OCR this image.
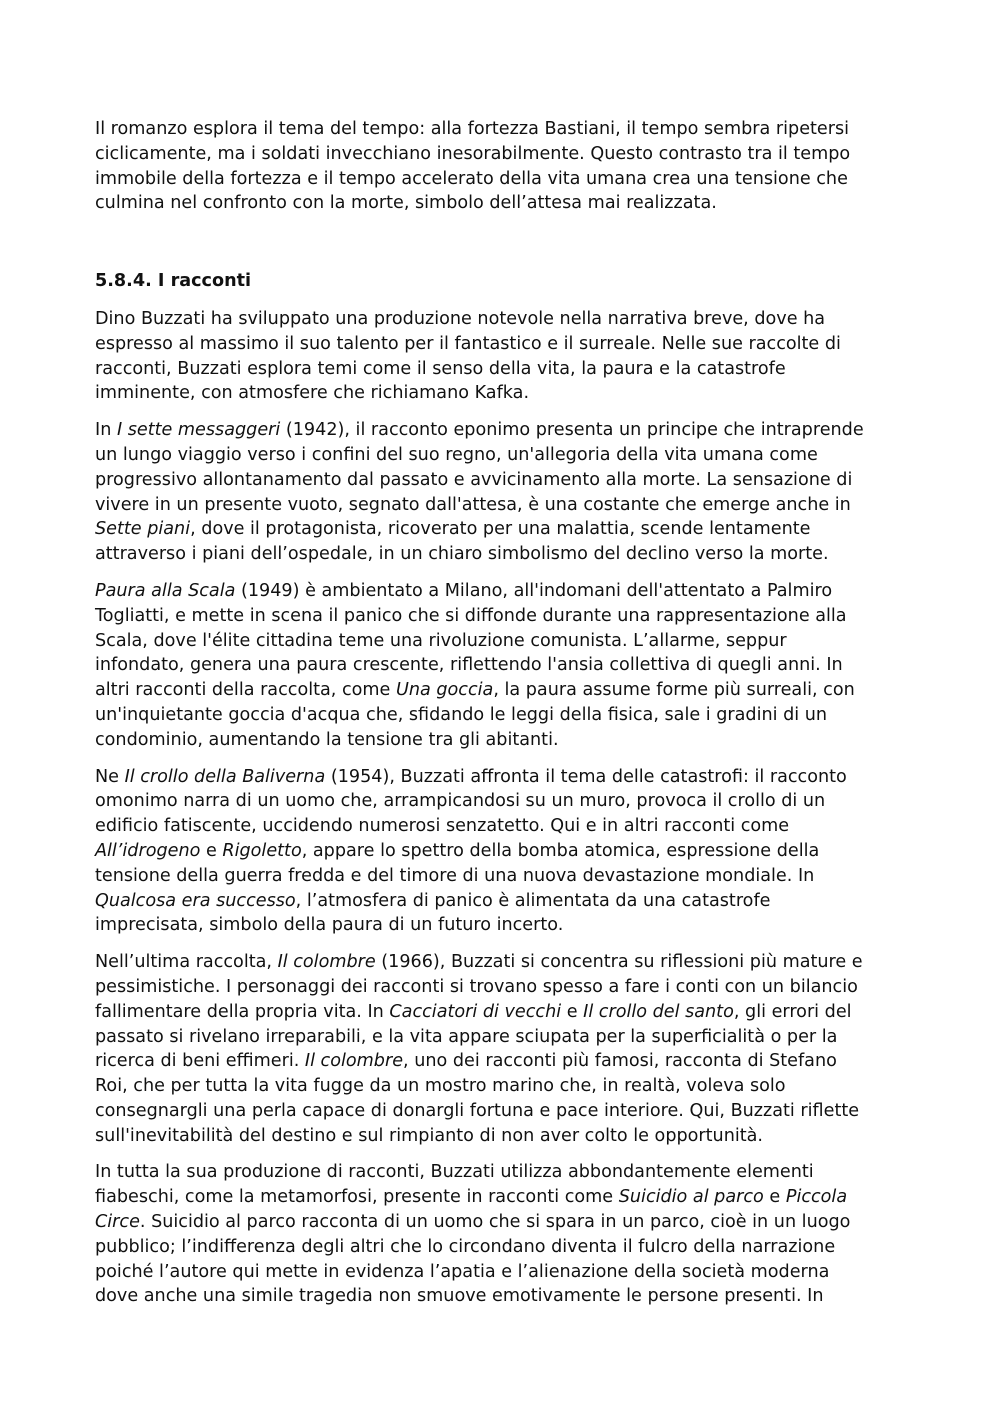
Il romanzo esplora il tema del tempo: alla fortezza Bastiani, il tempo sembra ripetersi
ciclicamente, ma i soldati invecchiano inesorabilmente. Questo contrasto tra il tempo
immobile della fortezza e il tempo accelerato della vita umana crea una tensione che
culmina nel confronto con la morte, simbolo dell’attesa mai realizzata.
5.8.4. I racconti
Dino Buzzati ha sviluppato una produzione notevole nella narrativa breve, dove ha
espresso al massimo il suo talento per il fantastico e il surreale. Nelle sue raccolte di
racconti, Buzzati esplora temi come il senso della vita, la paura e la catastrofe
imminente, con atmosfere che richiamano Kafka.
In I sette messaggeri (1942), il racconto eponimo presenta un principe che intraprende
un lungo viaggio verso i confini del suo regno, un'allegoria della vita umana come
progressivo allontanamento dal passato e avvicinamento alla morte. La sensazione di
vivere in un presente vuoto, segnato dall'attesa, è una costante che emerge anche in
Sette piani, dove il protagonista, ricoverato per una malattia, scende lentamente
attraverso i piani dell’ospedale, in un chiaro simbolismo del declino verso la morte.
Paura alla Scala (1949) è ambientato a Milano, all'indomani dell'attentato a Palmiro
Togliatti, e mette in scena il panico che si diffonde durante una rappresentazione alla
Scala, dove l'élite cittadina teme una rivoluzione comunista. L’allarme, seppur
infondato, genera una paura crescente, riflettendo l'ansia collettiva di quegli anni. In
altri racconti della raccolta, come Una goccia, la paura assume forme più surreali, con
un'inquietante goccia d'acqua che, sfidando le leggi della fisica, sale i gradini di un
condominio, aumentando la tensione tra gli abitanti.
Ne Il crollo della Baliverna (1954), Buzzati affronta il tema delle catastrofi: il racconto
omonimo narra di un uomo che, arrampicandosi su un muro, provoca il crollo di un
edificio fatiscente, uccidendo numerosi senzatetto. Qui e in altri racconti come
All’idrogeno e Rigoletto, appare lo spettro della bomba atomica, espressione della
tensione della guerra fredda e del timore di una nuova devastazione mondiale. In
Qualcosa era successo, l’atmosfera di panico è alimentata da una catastrofe
imprecisata, simbolo della paura di un futuro incerto.
Nell’ultima raccolta, Il colombre (1966), Buzzati si concentra su riflessioni più mature e
pessimistiche. I personaggi dei racconti si trovano spesso a fare i conti con un bilancio
fallimentare della propria vita. In Cacciatori di vecchi e Il crollo del santo, gli errori del
passato si rivelano irreparabili, e la vita appare sciupata per la superficialità o per la
ricerca di beni effimeri. Il colombre, uno dei racconti più famosi, racconta di Stefano
Roi, che per tutta la vita fugge da un mostro marino che, in realtà, voleva solo
consegnargli una perla capace di donargli fortuna e pace interiore. Qui, Buzzati riflette
sull'inevitabilità del destino e sul rimpianto di non aver colto le opportunità.
In tutta la sua produzione di racconti, Buzzati utilizza abbondantemente elementi
fiabeschi, come la metamorfosi, presente in racconti come Suicidio al parco e Piccola
Circe. Suicidio al parco racconta di un uomo che si spara in un parco, cioè in un luogo
pubblico; l’indifferenza degli altri che lo circondano diventa il fulcro della narrazione
poiché l’autore qui mette in evidenza l’apatia e l’alienazione della società moderna
dove anche una simile tragedia non smuove emotivamente le persone presenti. In
